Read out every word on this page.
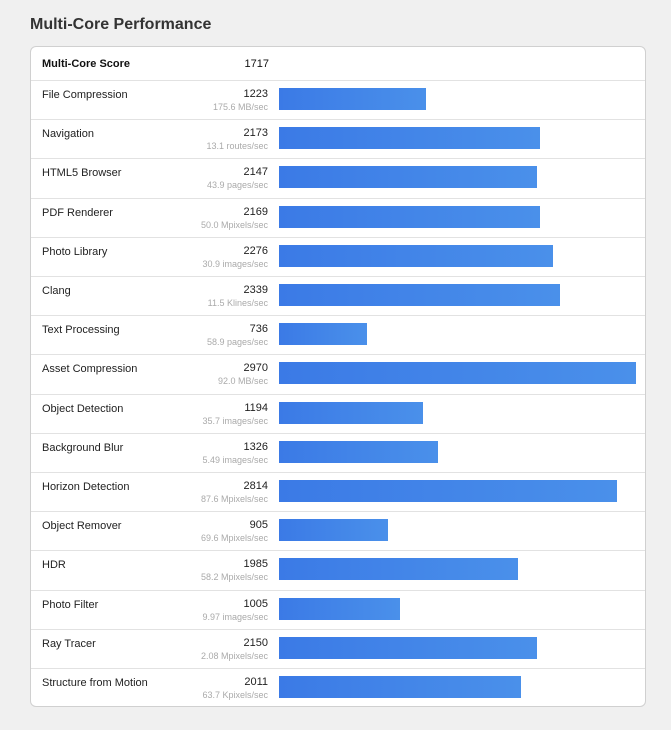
Multi-Core Performance
Multi-Core Score	1717
File Compression	1223
175.6 MB/sec
Navigation	2173
13.1 routes/sec
HTML5 Browser	2147
43.9 pages/sec
PDF Renderer	2169
50.0 Mpixels/sec
Photo Library	2276
30.9 images/sec
Clang	2339
11.5 Klines/sec
Text Processing	736
58.9 pages/sec
Asset Compression	2970
92.0 MB/sec
Object Detection	1194
35.7 images/sec
Background Blur	1326
5.49 images/sec
Horizon Detection	2814
87.6 Mpixels/sec
Object Remover	905
69.6 Mpixels/sec
HDR	1985
58.2 Mpixels/sec
Photo Filter	1005
9.97 images/sec
Ray Tracer	2150
2.08 Mpixels/sec
Structure from Motion	2011
63.7 Kpixels/sec
